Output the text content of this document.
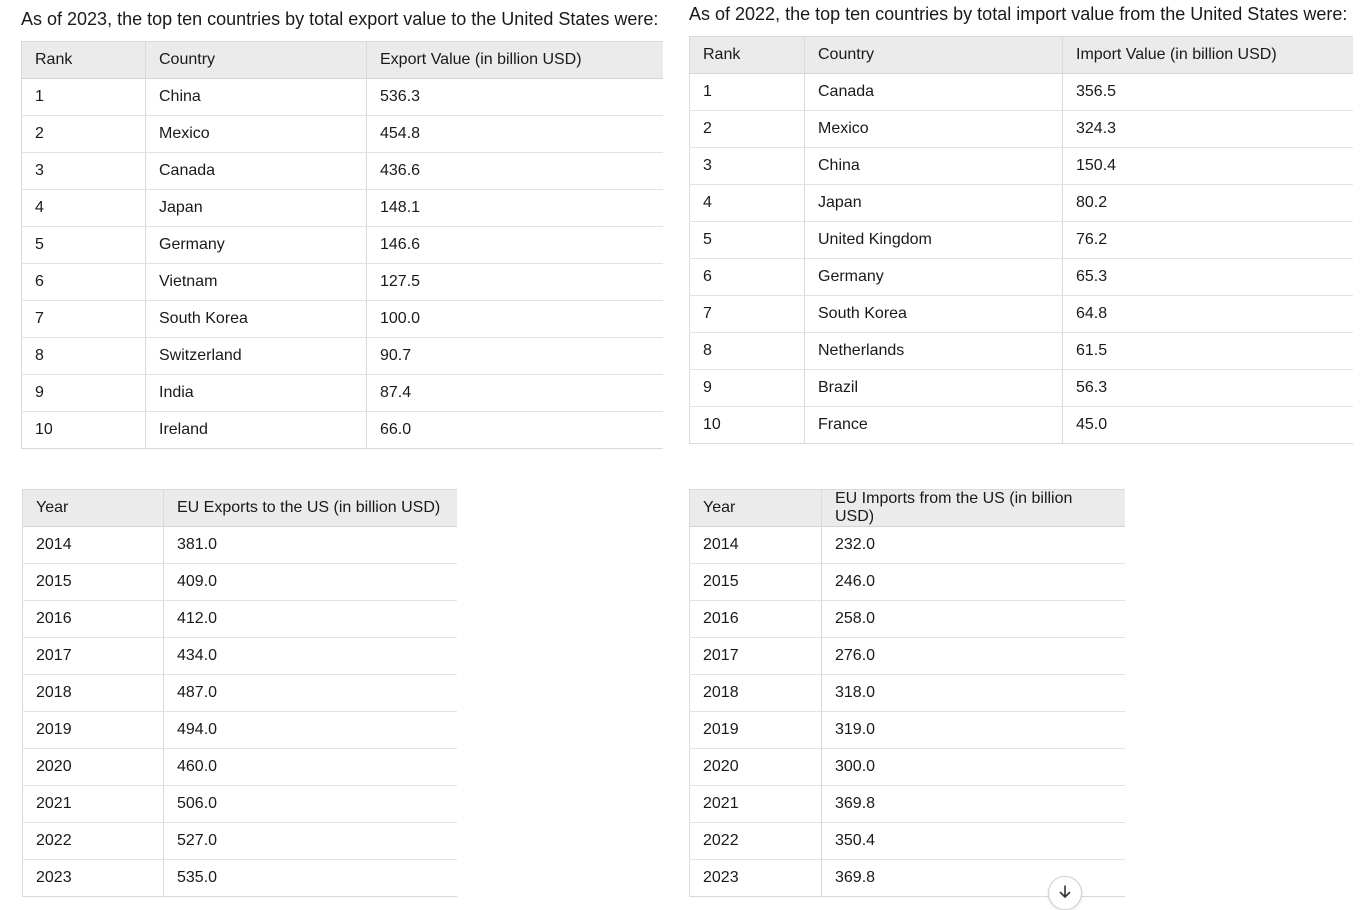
As of 2023, the top ten countries by total export value to the United States were:

Rank	Country	Export Value (in billion USD)
1	China	536.3
2	Mexico	454.8
3	Canada	436.6
4	Japan	148.1
5	Germany	146.6
6	Vietnam	127.5
7	South Korea	100.0
8	Switzerland	90.7
9	India	87.4
10	Ireland	66.0

As of 2022, the top ten countries by total import value from the United States were:

Rank	Country	Import Value (in billion USD)
1	Canada	356.5
2	Mexico	324.3
3	China	150.4
4	Japan	80.2
5	United Kingdom	76.2
6	Germany	65.3
7	South Korea	64.8
8	Netherlands	61.5
9	Brazil	56.3
10	France	45.0
Year	EU Exports to the US (in billion USD)
2014	381.0
2015	409.0
2016	412.0
2017	434.0
2018	487.0
2019	494.0
2020	460.0
2021	506.0
2022	527.0
2023	535.0
Year	EU Imports from the US (in billion USD)
2014	232.0
2015	246.0
2016	258.0
2017	276.0
2018	318.0
2019	319.0
2020	300.0
2021	369.8
2022	350.4
2023	369.8
